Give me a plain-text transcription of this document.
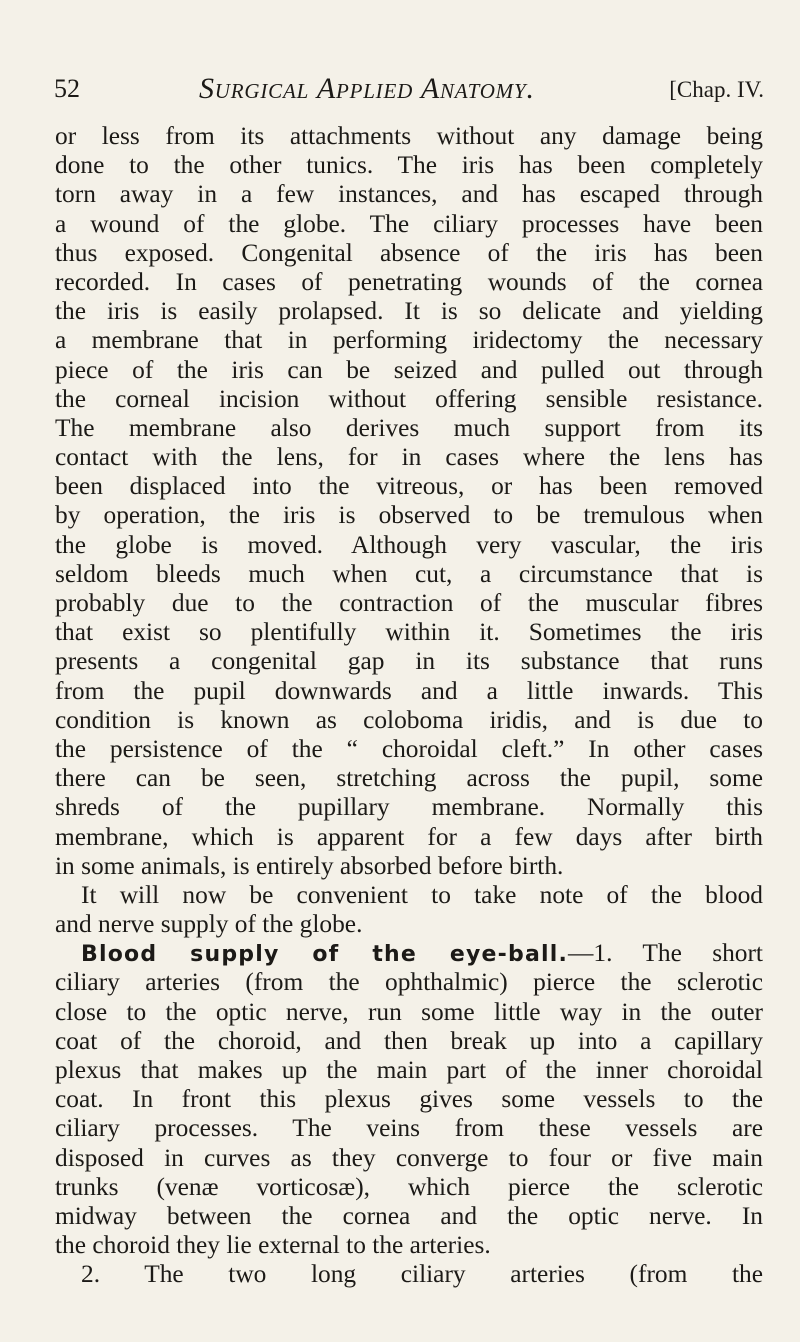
52	Surgical Applied Anatomy.	[Chap. IV.
or less from its attachments without any damage being
done to the other tunics. The iris has been completely
torn away in a few instances, and has escaped through
a wound of the globe. The ciliary processes have been
thus exposed. Congenital absence of the iris has been
recorded. In cases of penetrating wounds of the cornea
the iris is easily prolapsed. It is so delicate and yielding
a membrane that in performing iridectomy the necessary
piece of the iris can be seized and pulled out through
the corneal incision without offering sensible resistance.
The membrane also derives much support from its
contact with the lens, for in cases where the lens has
been displaced into the vitreous, or has been removed
by operation, the iris is observed to be tremulous when
the globe is moved. Although very vascular, the iris
seldom bleeds much when cut, a circumstance that is
probably due to the contraction of the muscular fibres
that exist so plentifully within it. Sometimes the iris
presents a congenital gap in its substance that runs
from the pupil downwards and a little inwards. This
condition is known as coloboma iridis, and is due to
the persistence of the “ choroidal cleft.” In other cases
there can be seen, stretching across the pupil, some
shreds of the pupillary membrane. Normally this
membrane, which is apparent for a few days after birth
in some animals, is entirely absorbed before birth.
It will now be convenient to take note of the blood
and nerve supply of the globe.
Blood supply of the eye-ball.—1. The short
ciliary arteries (from the ophthalmic) pierce the sclerotic
close to the optic nerve, run some little way in the outer
coat of the choroid, and then break up into a capillary
plexus that makes up the main part of the inner choroidal
coat. In front this plexus gives some vessels to the
ciliary processes. The veins from these vessels are
disposed in curves as they converge to four or five main
trunks (venæ vorticosæ), which pierce the sclerotic
midway between the cornea and the optic nerve. In
the choroid they lie external to the arteries.
2. The two long ciliary arteries (from the
